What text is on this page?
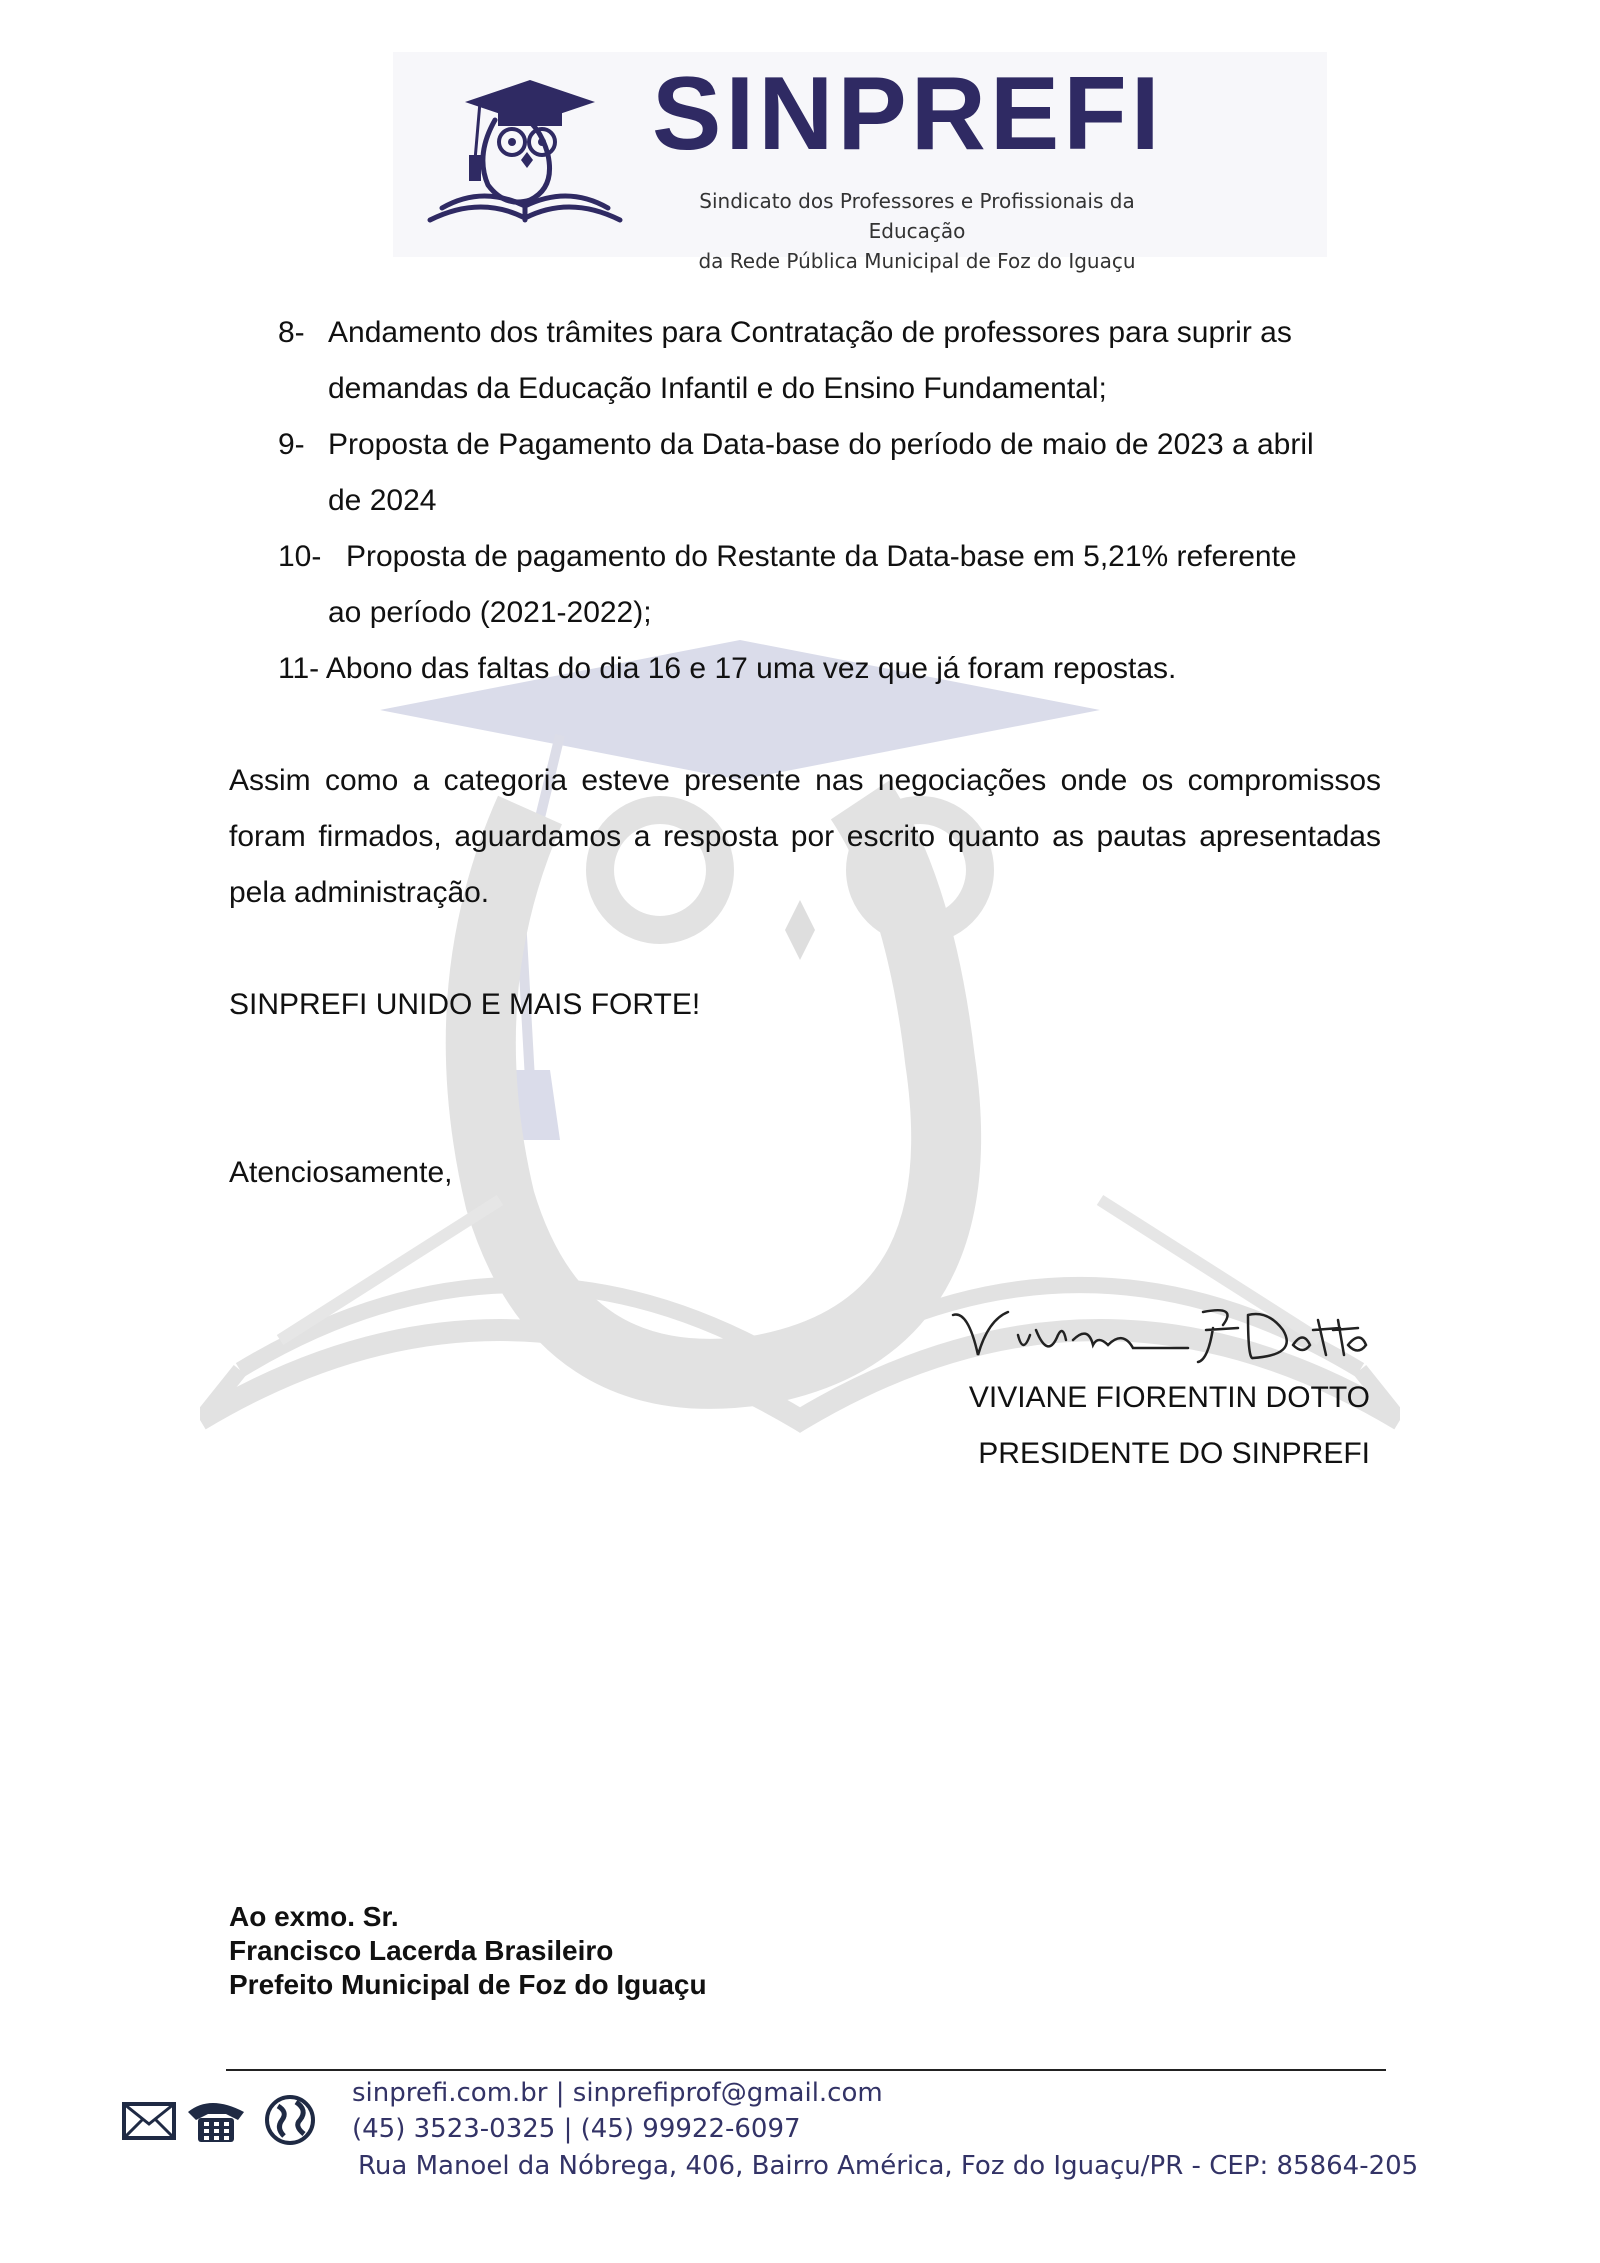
SINPREFI
Sindicato dos Professores e Profissionais da Educação
da Rede Pública Municipal de Foz do Iguaçu
8- Andamento dos trâmites para Contratação de professores para suprir as
demandas da Educação Infantil e do Ensino Fundamental;
9- Proposta de Pagamento da Data-base do período de maio de 2023 a abril
de 2024
10- Proposta de pagamento do Restante da Data-base em 5,21% referente
ao período (2021-2022);
11- Abono das faltas do dia 16 e 17 uma vez que já foram repostas.
Assim como a categoria esteve presente nas negociações onde os compromissos foram firmados, aguardamos a resposta por escrito quanto as pautas apresentadas pela administração.
SINPREFI UNIDO E MAIS FORTE!
Atenciosamente,
VIVIANE FIORENTIN DOTTO
PRESIDENTE DO SINPREFI
Ao exmo. Sr.
Francisco Lacerda Brasileiro
Prefeito Municipal de Foz do Iguaçu
sinprefi.com.br | sinprefiprof@gmail.com
(45) 3523-0325 | (45) 99922-6097
Rua Manoel da Nóbrega, 406, Bairro América, Foz do Iguaçu/PR - CEP: 85864-205
